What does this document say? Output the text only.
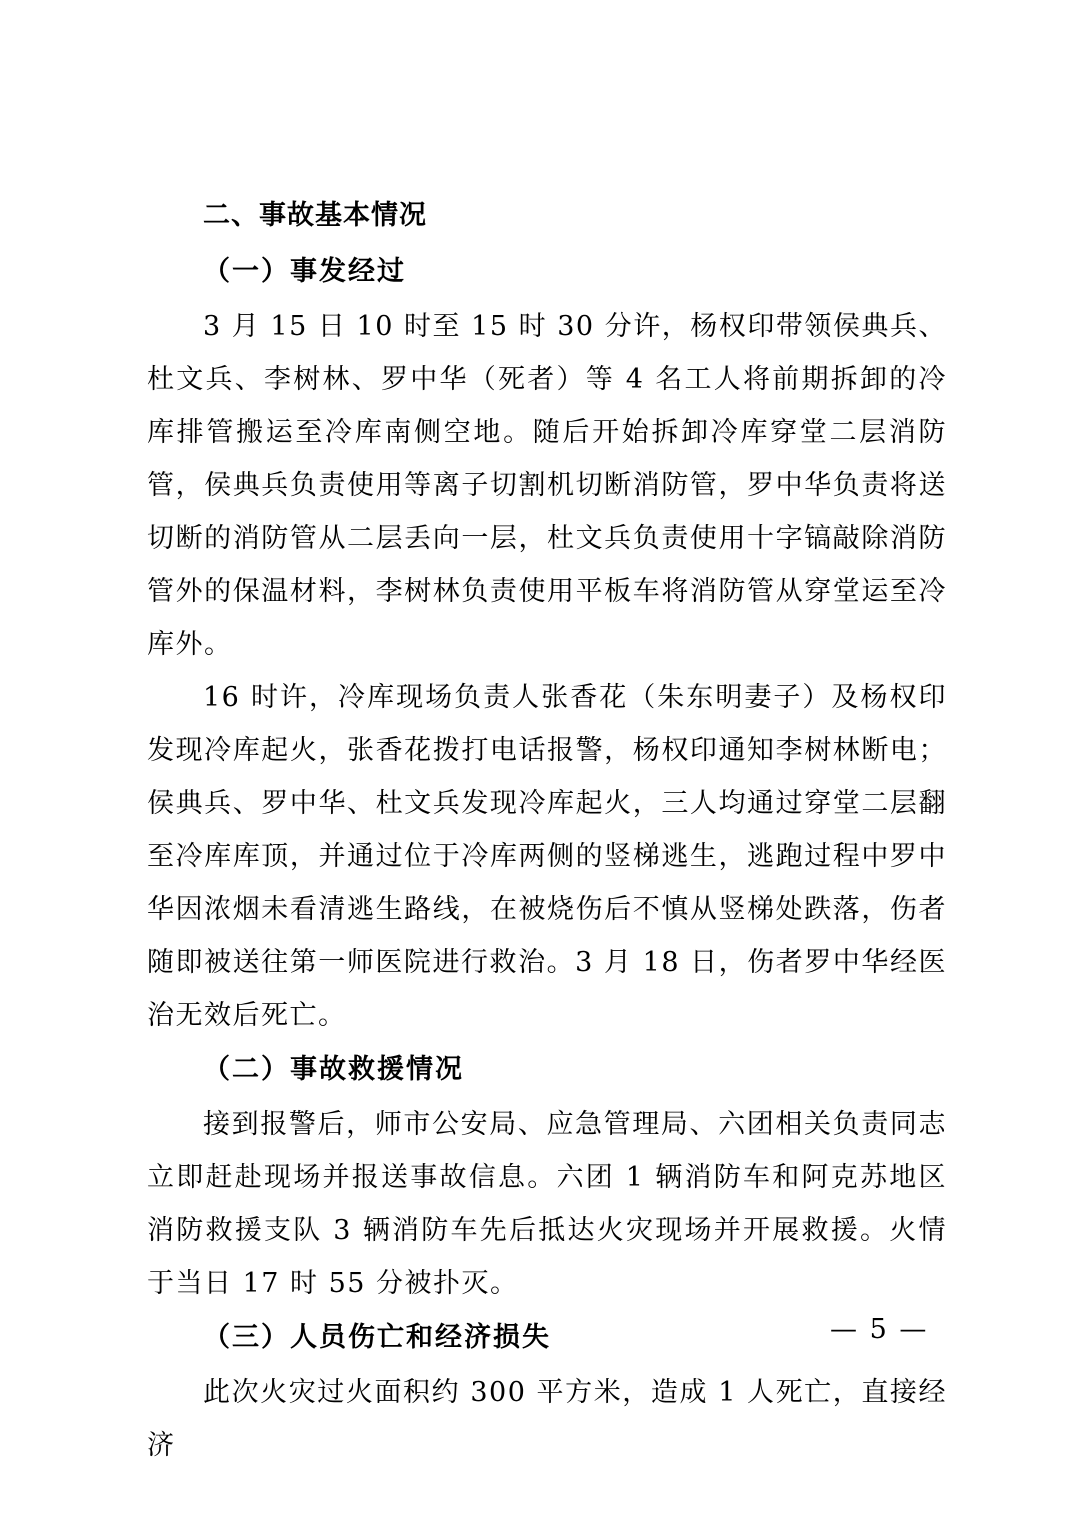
二、事故基本情况
（一）事发经过

3 月 15 日 10 时至 15 时 30 分许，杨权印带领侯典兵、杜文兵、李树林、罗中华（死者）等 4 名工人将前期拆卸的冷库排管搬运至冷库南侧空地。随后开始拆卸冷库穿堂二层消防管，侯典兵负责使用等离子切割机切断消防管，罗中华负责将送切断的消防管从二层丢向一层，杜文兵负责使用十字镐敲除消防管外的保温材料，李树林负责使用平板车将消防管从穿堂运至冷库外。

16 时许，冷库现场负责人张香花（朱东明妻子）及杨权印发现冷库起火，张香花拨打电话报警，杨权印通知李树林断电；侯典兵、罗中华、杜文兵发现冷库起火，三人均通过穿堂二层翻至冷库库顶，并通过位于冷库两侧的竖梯逃生，逃跑过程中罗中华因浓烟未看清逃生路线，在被烧伤后不慎从竖梯处跌落，伤者随即被送往第一师医院进行救治。3 月 18 日，伤者罗中华经医治无效后死亡。

（二）事故救援情况

接到报警后，师市公安局、应急管理局、六团相关负责同志立即赶赴现场并报送事故信息。六团 1 辆消防车和阿克苏地区消防救援支队 3 辆消防车先后抵达火灾现场并开展救援。火情于当日 17 时 55 分被扑灭。

（三）人员伤亡和经济损失

此次火灾过火面积约 300 平方米，造成 1 人死亡，直接经济

— 5 —
